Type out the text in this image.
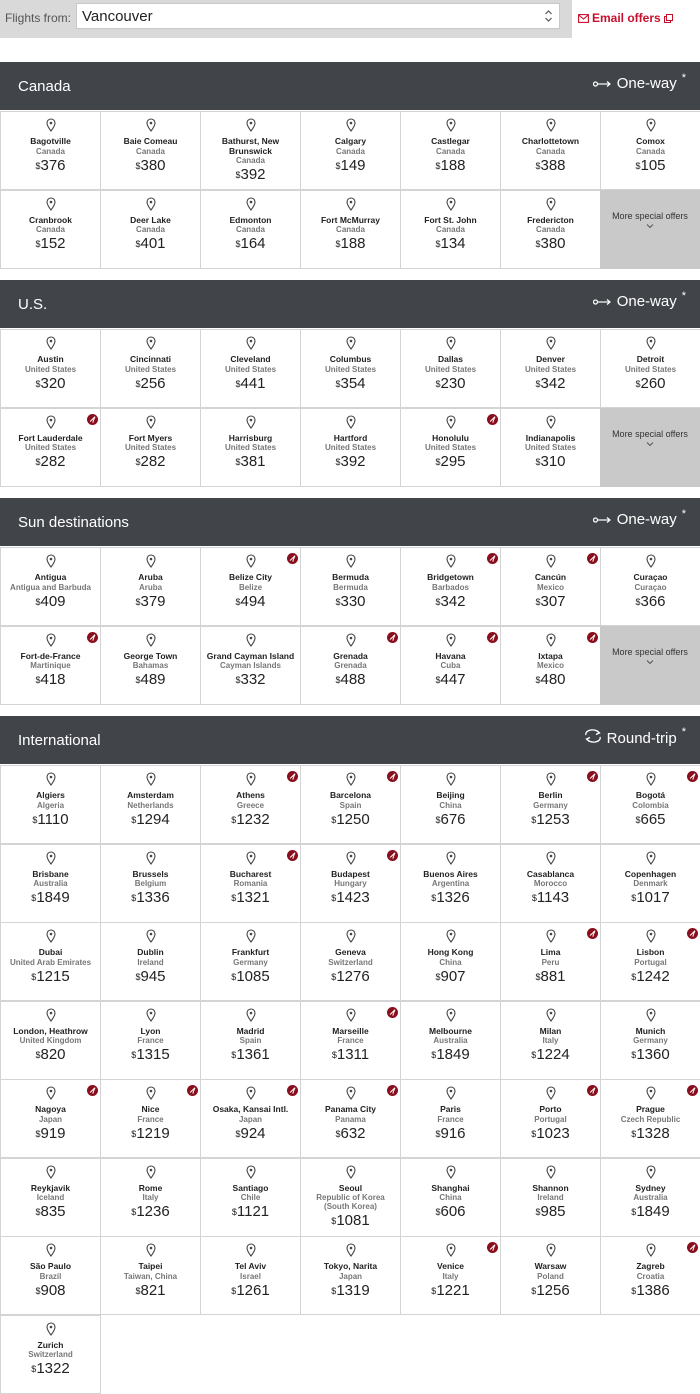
Flights from: Vancouver	Email offers
Canada	One-way *
Bagotville
Canada
$376
Baie Comeau
Canada
$380
Bathurst, New Brunswick
Canada
$392
Calgary
Canada
$149
Castlegar
Canada
$188
Charlottetown
Canada
$388
Comox
Canada
$105
Cranbrook
Canada
$152
Deer Lake
Canada
$401
Edmonton
Canada
$164
Fort McMurray
Canada
$188
Fort St. John
Canada
$134
Fredericton
Canada
$380
More special offers
U.S.	One-way *
Austin
United States
$320
Cincinnati
United States
$256
Cleveland
United States
$441
Columbus
United States
$354
Dallas
United States
$230
Denver
United States
$342
Detroit
United States
$260
Fort Lauderdale
United States
$282
Fort Myers
United States
$282
Harrisburg
United States
$381
Hartford
United States
$392
Honolulu
United States
$295
Indianapolis
United States
$310
More special offers
Sun destinations	One-way *
Antigua
Antigua and Barbuda
$409
Aruba
Aruba
$379
Belize City
Belize
$494
Bermuda
Bermuda
$330
Bridgetown
Barbados
$342
Cancún
Mexico
$307
Curaçao
Curaçao
$366
Fort-de-France
Martinique
$418
George Town
Bahamas
$489
Grand Cayman Island
Cayman Islands
$332
Grenada
Grenada
$488
Havana
Cuba
$447
Ixtapa
Mexico
$480
More special offers
International	Round-trip *
Algiers
Algeria
$1110
Amsterdam
Netherlands
$1294
Athens
Greece
$1232
Barcelona
Spain
$1250
Beijing
China
$676
Berlin
Germany
$1253
Bogotá
Colombia
$665
Brisbane
Australia
$1849
Brussels
Belgium
$1336
Bucharest
Romania
$1321
Budapest
Hungary
$1423
Buenos Aires
Argentina
$1326
Casablanca
Morocco
$1143
Copenhagen
Denmark
$1017
Dubai
United Arab Emirates
$1215
Dublin
Ireland
$945
Frankfurt
Germany
$1085
Geneva
Switzerland
$1276
Hong Kong
China
$907
Lima
Peru
$881
Lisbon
Portugal
$1242
London, Heathrow
United Kingdom
$820
Lyon
France
$1315
Madrid
Spain
$1361
Marseille
France
$1311
Melbourne
Australia
$1849
Milan
Italy
$1224
Munich
Germany
$1360
Nagoya
Japan
$919
Nice
France
$1219
Osaka, Kansai Intl.
Japan
$924
Panama City
Panama
$632
Paris
France
$916
Porto
Portugal
$1023
Prague
Czech Republic
$1328
Reykjavik
Iceland
$835
Rome
Italy
$1236
Santiago
Chile
$1121
Seoul
Republic of Korea (South Korea)
$1081
Shanghai
China
$606
Shannon
Ireland
$985
Sydney
Australia
$1849
São Paulo
Brazil
$908
Taipei
Taiwan, China
$821
Tel Aviv
Israel
$1261
Tokyo, Narita
Japan
$1319
Venice
Italy
$1221
Warsaw
Poland
$1256
Zagreb
Croatia
$1386
Zurich
Switzerland
$1322
